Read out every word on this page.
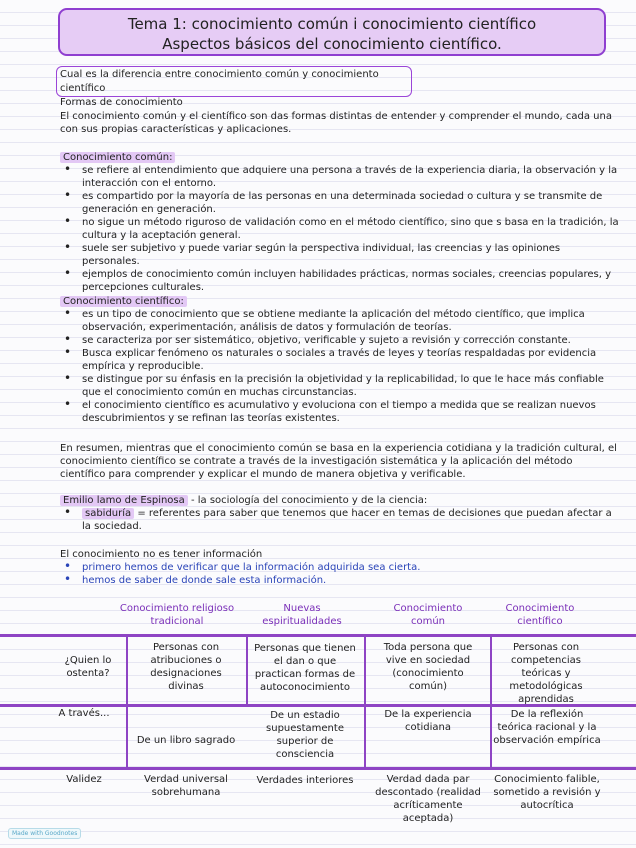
Tema 1: conocimiento común i conocimiento científico
Aspectos básicos del conocimiento científico.
Cual es la diferencia entre conocimiento común y conocimiento científico
Formas de conocimiento
El conocimiento común y el científico son das formas distintas de entender y comprender el mundo, cada una con sus propias características y aplicaciones.
Conocimiento común:
• se refiere al entendimiento que adquiere una persona a través de la experiencia diaria, la observación y la interacción con el entorno.
• es compartido por la mayoría de las personas en una determinada sociedad o cultura y se transmite de generación en generación.
• no sigue un método riguroso de validación como en el método científico, sino que s basa en la tradición, la cultura y la aceptación general.
• suele ser subjetivo y puede variar según la perspectiva individual, las creencias y las opiniones personales.
• ejemplos de conocimiento común incluyen habilidades prácticas, normas sociales, creencias populares, y percepciones culturales.
Conocimiento científico:
• es un tipo de conocimiento que se obtiene mediante la aplicación del método científico, que implica observación, experimentación, análisis de datos y formulación de teorías.
• se caracteriza por ser sistemático, objetivo, verificable y sujeto a revisión y corrección constante.
• Busca explicar fenómeno os naturales o sociales a través de leyes y teorías respaldadas por evidencia empírica y reproducible.
• se distingue por su énfasis en la precisión la objetividad y la replicabilidad, lo que le hace más confiable que el conocimiento común en muchas circunstancias.
• el conocimiento científico es acumulativo y evoluciona con el tiempo a medida que se realizan nuevos descubrimientos y se refinan las teorías existentes.
En resumen, mientras que el conocimiento común se basa en la experiencia cotidiana y la tradición cultural, el conocimiento científico se contrate a través de la investigación sistemática y la aplicación del método científico para comprender y explicar el mundo de manera objetiva y verificable.
Emilio lamo de Espinosa - la sociología del conocimiento y de la ciencia:
• sabiduría = referentes para saber que tenemos que hacer en temas de decisiones que puedan afectar a la sociedad.
El conocimiento no es tener información
• primero hemos de verificar que la información adquirida sea cierta.
• hemos de saber de donde sale esta información.
Conocimiento religioso tradicional
Nuevas espiritualidades
Conocimiento común
Conocimiento científico
¿Quien lo ostenta?
Personas con atribuciones o designaciones divinas
Personas que tienen el dan o que practican formas de autoconocimiento
Toda persona que vive en sociedad (conocimiento común)
Personas con competencias teóricas y metodológicas aprendidas
A través...
De un libro sagrado
De un estadio supuestamente superior de consciencia
De la experiencia cotidiana
De la reflexión teórica racional y la observación empírica
Validez	Verdad universal sobrehumana
Verdades interiores	Verdad dada par descontado (realidad acríticamente aceptada)
Conocimiento falible, sometido a revisión y autocrítica
Made with Goodnotes
